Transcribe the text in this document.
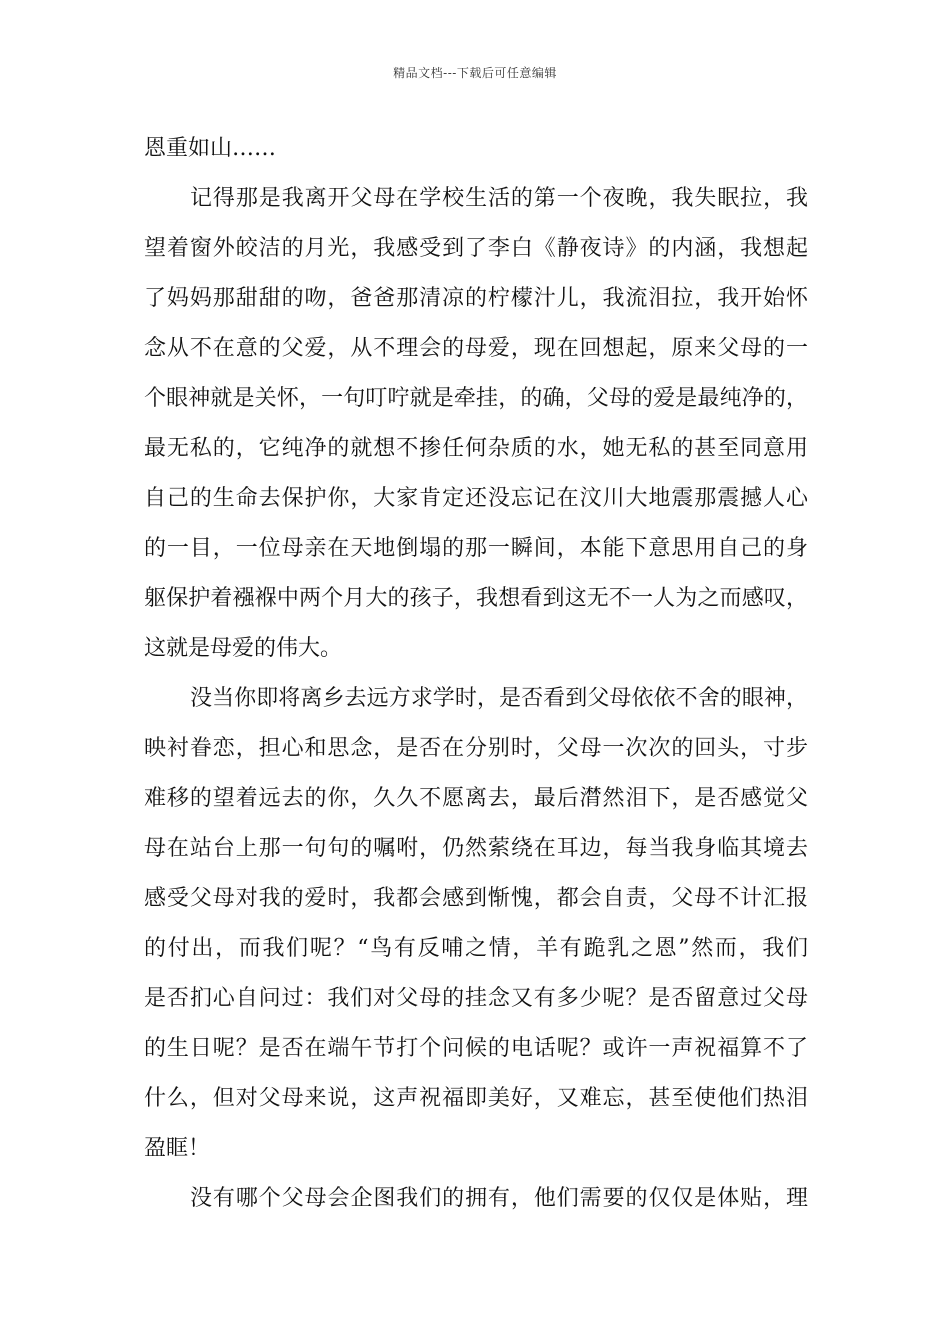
精品文档---下载后可任意编辑
恩重如山……
记得那是我离开父母在学校生活的第一个夜晚，我失眠拉，我
望着窗外皎洁的月光，我感受到了李白《静夜诗》的内涵，我想起
了妈妈那甜甜的吻，爸爸那清凉的柠檬汁儿，我流泪拉，我开始怀
念从不在意的父爱，从不理会的母爱，现在回想起，原来父母的一
个眼神就是关怀，一句叮咛就是牵挂，的确，父母的爱是最纯净的，
最无私的，它纯净的就想不掺任何杂质的水，她无私的甚至同意用
自己的生命去保护你，大家肯定还没忘记在汶川大地震那震撼人心
的一目，一位母亲在天地倒塌的那一瞬间，本能下意思用自己的身
躯保护着襁褓中两个月大的孩子，我想看到这无不一人为之而感叹，
这就是母爱的伟大。
没当你即将离乡去远方求学时，是否看到父母依依不舍的眼神，
映衬眷恋，担心和思念，是否在分别时，父母一次次的回头，寸步
难移的望着远去的你，久久不愿离去，最后潸然泪下，是否感觉父
母在站台上那一句句的嘱咐，仍然萦绕在耳边，每当我身临其境去
感受父母对我的爱时，我都会感到惭愧，都会自责，父母不计汇报
的付出，而我们呢？“鸟有反哺之情，羊有跪乳之恩”然而，我们
是否扪心自问过：我们对父母的挂念又有多少呢？是否留意过父母
的生日呢？是否在端午节打个问候的电话呢？或许一声祝福算不了
什么，但对父母来说，这声祝福即美好，又难忘，甚至使他们热泪
盈眶！
没有哪个父母会企图我们的拥有，他们需要的仅仅是体贴，理
